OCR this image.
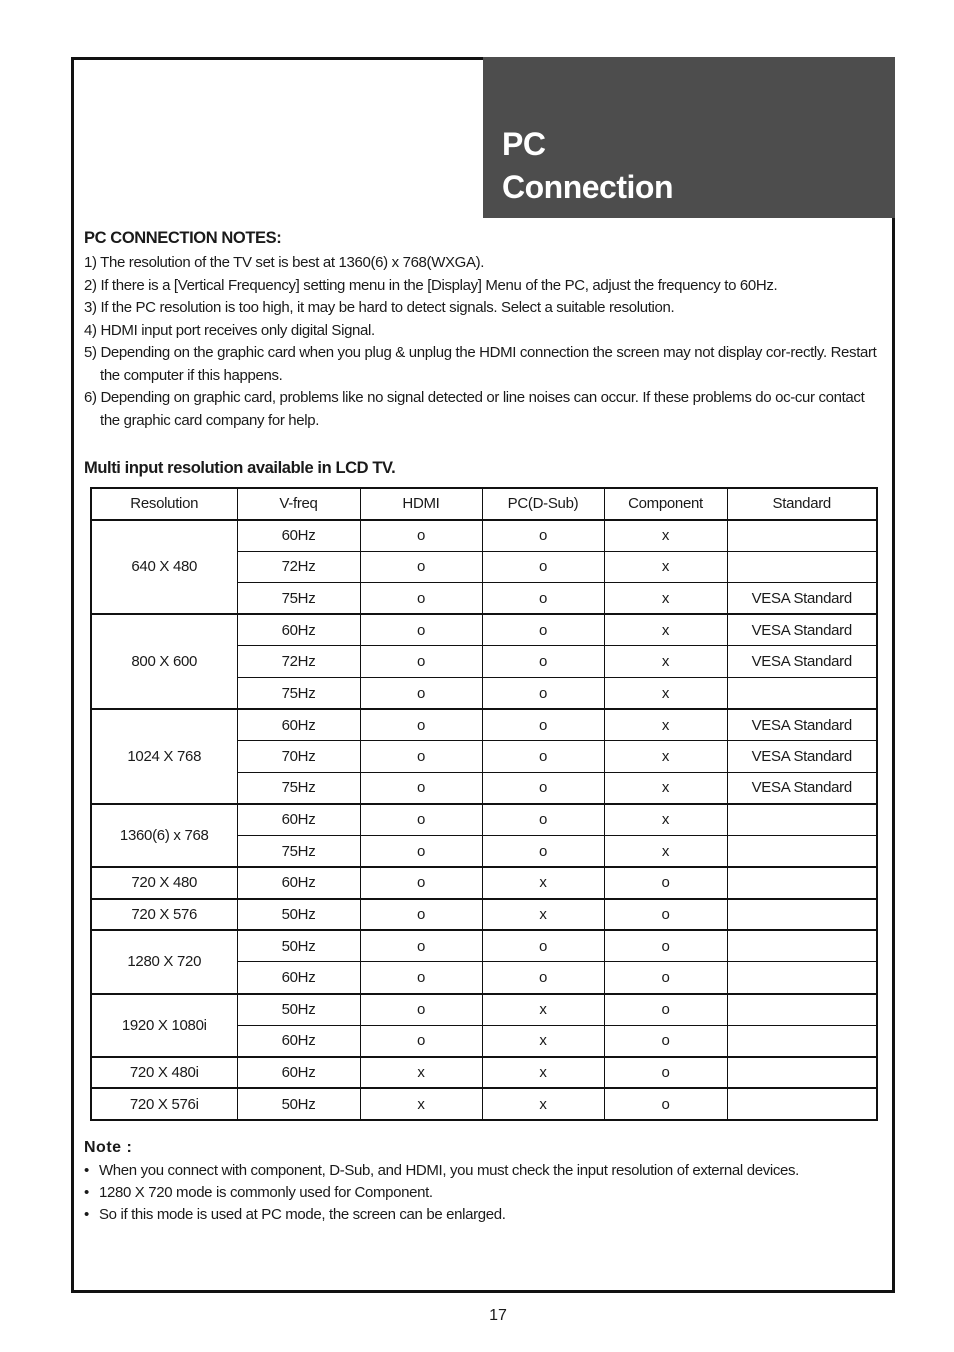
PC
Connection
PC CONNECTION NOTES:
1) The resolution of the TV set is best at 1360(6) x 768(WXGA).
2) If there is a [Vertical Frequency] setting menu in the [Display] Menu of the PC, adjust the frequency to 60Hz.
3) If the PC resolution is too high, it may be hard to detect signals. Select a suitable resolution.
4) HDMI input port receives only digital Signal.
5) Depending on the graphic card when you plug & unplug the HDMI connection the screen may not display cor-rectly. Restart the computer if this happens.
6) Depending on graphic card, problems like no signal detected or line noises can occur. If these problems do oc-cur contact the graphic card company for help.
Multi input resolution available in LCD TV.
Resolution	V-freq	HDMI	PC(D-Sub)	Component	Standard
640 X 480	60Hz	o	o	x	
	72Hz	o	o	x	
	75Hz	o	o	x	VESA Standard
800 X 600	60Hz	o	o	x	VESA Standard
	72Hz	o	o	x	VESA Standard
	75Hz	o	o	x	
1024 X 768	60Hz	o	o	x	VESA Standard
	70Hz	o	o	x	VESA Standard
	75Hz	o	o	x	VESA Standard
1360(6) x 768	60Hz	o	o	x	
	75Hz	o	o	x	
720 X 480	60Hz	o	x	o	
720 X 576	50Hz	o	x	o	
1280 X 720	50Hz	o	o	o	
	60Hz	o	o	o	
1920 X 1080i	50Hz	o	x	o	
	60Hz	o	x	o	
720 X 480i	60Hz	x	x	o	
720 X 576i	50Hz	x	x	o	
Note :
• When you connect with component, D-Sub, and HDMI, you must check the input resolution of external devices.
• 1280 X 720 mode is commonly used for Component.
• So if this mode is used at PC mode, the screen can be enlarged.
17
